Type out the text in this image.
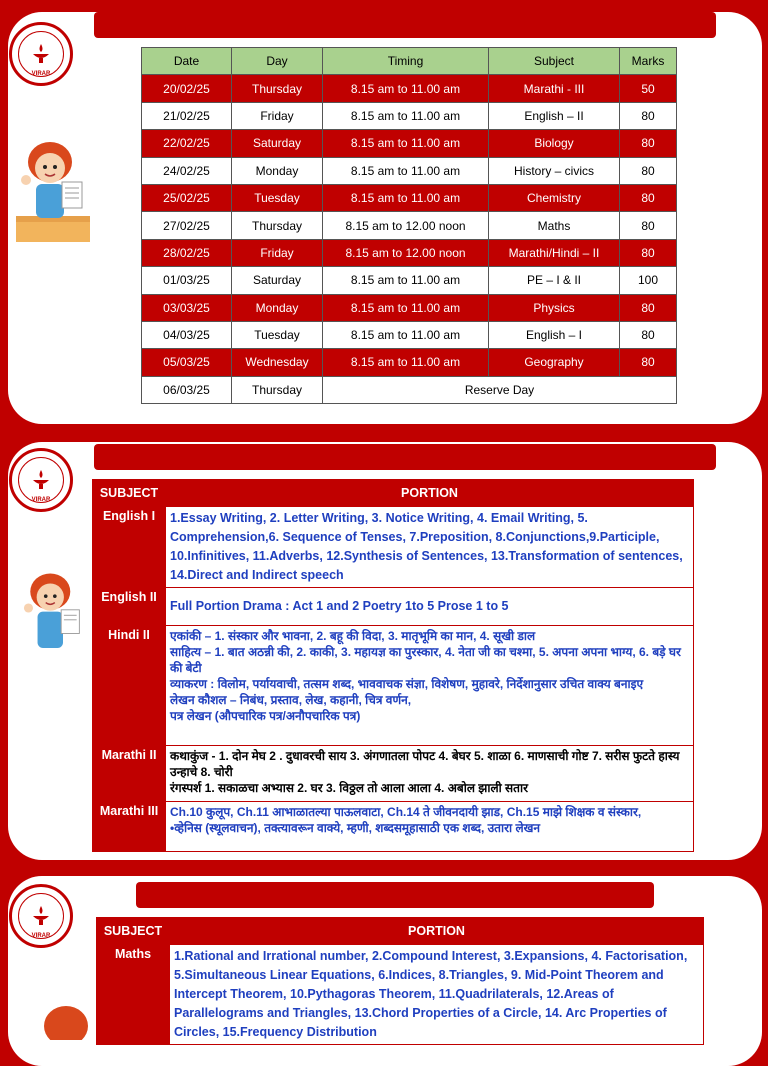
VIRAR
Date	Day	Timing	Subject	Marks
20/02/25	Thursday	8.15 am to 11.00 am	Marathi - III	50
21/02/25	Friday	8.15 am to 11.00 am	English – II	80
22/02/25	Saturday	8.15 am to 11.00 am	Biology	80
24/02/25	Monday	8.15 am to 11.00 am	History – civics	80
25/02/25	Tuesday	8.15 am to 11.00 am	Chemistry	80
27/02/25	Thursday	8.15 am to 12.00 noon	Maths	80
28/02/25	Friday	8.15 am to 12.00 noon	Marathi/Hindi – II	80
01/03/25	Saturday	8.15 am to 11.00 am	PE – I & II	100
03/03/25	Monday	8.15 am to 11.00 am	Physics	80
04/03/25	Tuesday	8.15 am to 11.00 am	English – I	80
05/03/25	Wednesday	8.15 am to 11.00 am	Geography	80
06/03/25	Thursday	Reserve Day		
VIRAR	SUBJECT	PORTION
English I	1.Essay Writing, 2. Letter Writing, 3. Notice Writing, 4. Email Writing, 5. Comprehension,6. Sequence of Tenses, 7.Preposition, 8.Conjunctions,9.Participle, 10.Infinitives, 11.Adverbs, 12.Synthesis of Sentences, 13.Transformation of sentences, 14.Direct and Indirect speech
English II	Full Portion Drama : Act 1 and 2 Poetry 1to 5 Prose 1 to 5
Hindi II	एकांकी – 1. संस्कार और भावना, 2. बहू की विदा, 3. मातृभूमि का मान, 4. सूखी डाल
साहित्य – 1. बात अठन्नी की, 2. काकी, 3. महायज्ञ का पुरस्कार, 4. नेता जी का चश्मा, 5. अपना अपना भाग्य, 6. बड़े घर की बेटी
व्याकरण : विलोम, पर्यायवाची, तत्सम शब्द, भाववाचक संज्ञा, विशेषण, मुहावरे, निर्देशानुसार उचित वाक्य बनाइए
लेखन कौशल – निबंध, प्रस्ताव, लेख, कहानी, चित्र वर्णन,
पत्र लेखन (औपचारिक पत्र/अनौपचारिक पत्र)
Marathi II	कथाकुंज - 1. दोन मेघ 2 . दुधावरची साय 3. अंगणातला पोपट 4. बेघर 5. शाळा 6. माणसाची गोष्ट 7. सरीस फुटते हास्य उन्हाचे 8. चोरी
रंगस्पर्श 1. सकाळचा अभ्यास 2. घर 3. विठ्ठल तो आला आला 4. अबोल झाली सतार
Marathi III	Ch.10 कुलूप, Ch.11 आभाळातल्या पाऊलवाटा, Ch.14 ते जीवनदायी झाड, Ch.15 माझे शिक्षक व संस्कार,
•व्हेनिस (स्थूलवाचन), तक्त्यावरून वाक्ये, म्हणी, शब्दसमूहासाठी एक शब्द, उतारा लेखन
VIRAR	SUBJECT	PORTION
Maths	1.Rational and Irrational number, 2.Compound Interest, 3.Expansions, 4. Factorisation, 5.Simultaneous Linear Equations, 6.Indices, 8.Triangles, 9. Mid-Point Theorem and Intercept Theorem, 10.Pythagoras Theorem, 11.Quadrilaterals, 12.Areas of Parallelograms and Triangles, 13.Chord Properties of a Circle, 14. Arc Properties of Circles, 15.Frequency Distribution
